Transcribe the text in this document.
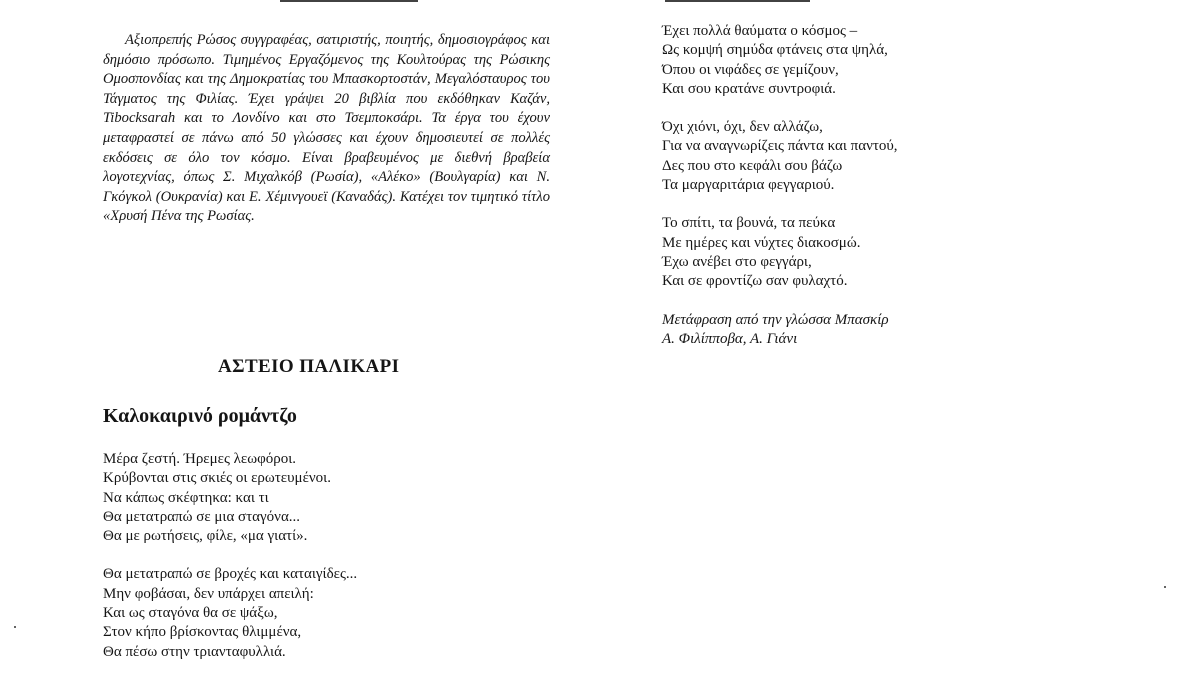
Αξιοπρεπής Ρώσος συγγραφέας, σατιριστής, ποιητής, δημοσιογράφος και δημόσιο πρόσωπο. Τιμημένος Εργαζόμενος της Κουλτούρας της Ρώσικης Ομοσπονδίας και της Δημοκρατίας του Μπασκορτοστάν, Μεγαλόσταυρος του Τάγματος της Φιλίας. Έχει γράψει 20 βιβλία που εκδόθηκαν Καζάν, Tibocksarah και το Λονδίνο και στο Τσεμποκσάρι. Τα έργα του έχουν μεταφραστεί σε πάνω από 50 γλώσσες και έχουν δημοσιευτεί σε πολλές εκδόσεις σε όλο τον κόσμο. Είναι βραβευμένος με διεθνή βραβεία λογοτεχνίας, όπως Σ. Μιχαλκόβ (Ρωσία), «Αλέκο» (Βουλγαρία) και Ν. Γκόγκολ (Ουκρανία) και Ε. Χέμινγουεϊ (Καναδάς). Κατέχει τον τιμητικό τίτλο «Χρυσή Πένα της Ρωσίας.

Έχει πολλά θαύματα ο κόσμος –
Ως κομψή σημύδα φτάνεις στα ψηλά,
Όπου οι νιφάδες σε γεμίζουν,
Και σου κρατάνε συντροφιά.
Όχι χιόνι, όχι, δεν αλλάζω,
Για να αναγνωρίζεις πάντα και παντού,
Δες που στο κεφάλι σου βάζω
Τα μαργαριτάρια φεγγαριού.
Το σπίτι, τα βουνά, τα πεύκα
Με ημέρες και νύχτες διακοσμώ.
Έχω ανέβει στο φεγγάρι,
Και σε φροντίζω σαν φυλαχτό.
Μετάφραση από την γλώσσα Μπασκίρ
Α. Φιλίπποβα, Α. Γιάνι
ΑΣΤΕΙΟ ΠΑΛΙΚΑΡΙ
Καλοκαιρινό ρομάντζο
Μέρα ζεστή. Ήρεμες λεωφόροι.
Κρύβονται στις σκιές οι ερωτευμένοι.
Να κάπως σκέφτηκα: και τι
Θα μετατραπώ σε μια σταγόνα...
Θα με ρωτήσεις, φίλε, «μα γιατί».
Θα μετατραπώ σε βροχές και καταιγίδες...
Μην φοβάσαι, δεν υπάρχει απειλή:
Και ως σταγόνα θα σε ψάξω,
Στον κήπο βρίσκοντας θλιμμένα,
Θα πέσω στην τριανταφυλλιά.
